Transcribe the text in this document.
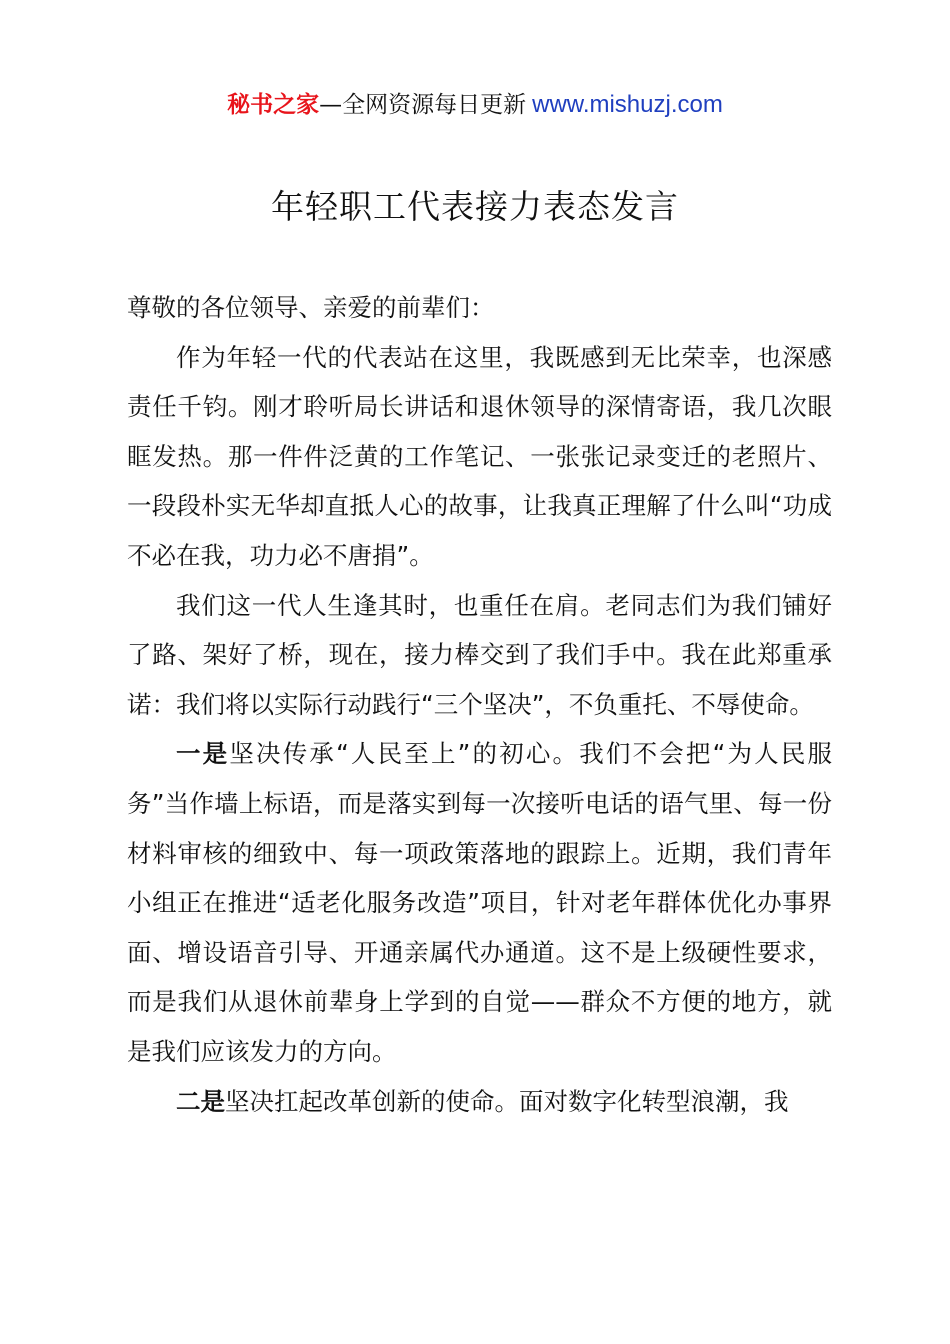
秘书之家—全网资源每日更新 www.mishuzj.com
年轻职工代表接力表态发言

尊敬的各位领导、亲爱的前辈们：

作为年轻一代的代表站在这里，我既感到无比荣幸，也深感责任千钧。刚才聆听局长讲话和退休领导的深情寄语，我几次眼眶发热。那一件件泛黄的工作笔记、一张张记录变迁的老照片、一段段朴实无华却直抵人心的故事，让我真正理解了什么叫“功成不必在我，功力必不唐捐”。

我们这一代人生逢其时，也重任在肩。老同志们为我们铺好了路、架好了桥，现在，接力棒交到了我们手中。我在此郑重承诺：我们将以实际行动践行“三个坚决”，不负重托、不辱使命。

一是坚决传承“人民至上”的初心。我们不会把“为人民服务”当作墙上标语，而是落实到每一次接听电话的语气里、每一份材料审核的细致中、每一项政策落地的跟踪上。近期，我们青年小组正在推进“适老化服务改造”项目，针对老年群体优化办事界面、增设语音引导、开通亲属代办通道。这不是上级硬性要求，而是我们从退休前辈身上学到的自觉——群众不方便的地方，就是我们应该发力的方向。

二是坚决扛起改革创新的使命。面对数字化转型浪潮，我
